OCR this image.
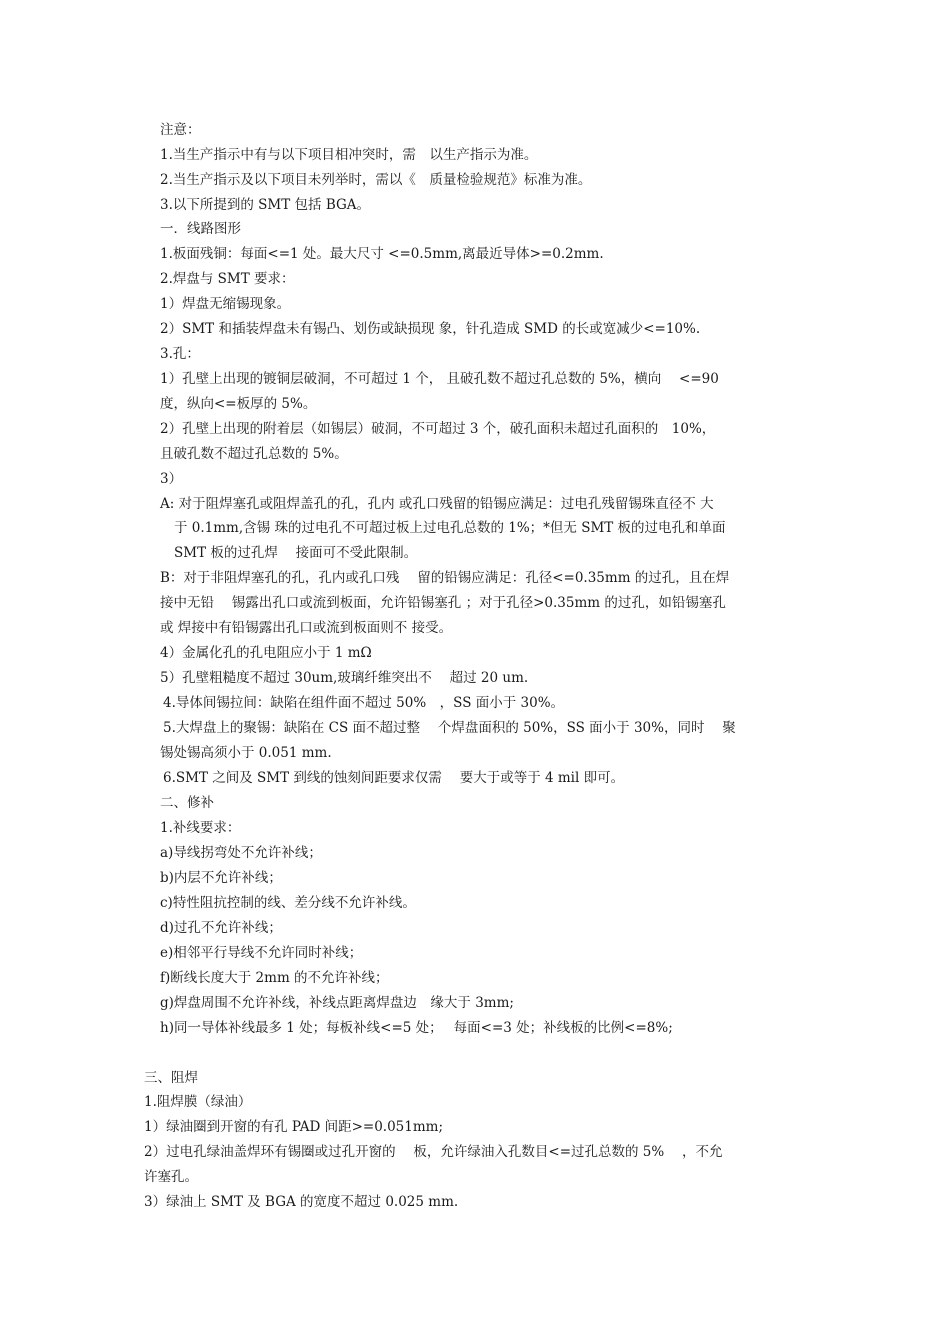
注意：
1.当生产指示中有与以下项目相冲突时，需　以生产指示为准。
2.当生产指示及以下项目未列举时，需以《　质量检验规范》标准为准。
3.以下所提到的 SMT 包括 BGA。
一．线路图形
1.板面残铜：每面<=1 处。最大尺寸 <=0.5mm,离最近导体>=0.2mm.
2.焊盘与 SMT 要求：
1）焊盘无缩锡现象。
2）SMT 和插装焊盘未有锡凸、划伤或缺损现 象，针孔造成 SMD 的长或宽减少<=10%.
3.孔：
1）孔壁上出现的镀铜层破洞，不可超过 1 个， 且破孔数不超过孔总数的 5%，横向　 <=90
度，纵向<=板厚的 5%。
2）孔壁上出现的附着层（如锡层）破洞，不可超过 3 个，破孔面积未超过孔面积的　10%，
且破孔数不超过孔总数的 5%。
3）
A: 对于阻焊塞孔或阻焊盖孔的孔，孔内 或孔口残留的铅锡应满足：过电孔残留锡珠直径不 大
于 0.1mm,含锡 珠的过电孔不可超过板上过电孔总数的 1%；*但无 SMT 板的过电孔和单面
SMT 板的过孔焊　 接面可不受此限制。
B：对于非阻焊塞孔的孔，孔内或孔口残　 留的铅锡应满足：孔径<=0.35mm 的过孔，且在焊
接中无铅　 锡露出孔口或流到板面，允许铅锡塞孔 ；对于孔径>0.35mm 的过孔，如铅锡塞孔
或 焊接中有铅锡露出孔口或流到板面则不 接受。
4）金属化孔的孔电阻应小于 1 mΩ
5）孔壁粗糙度不超过 30um,玻璃纤维突出不　 超过 20 um.
4.导体间锡拉间：缺陷在组件面不超过 50%　，SS 面小于 30%。
5.大焊盘上的聚锡：缺陷在 CS 面不超过整　 个焊盘面积的 50%，SS 面小于 30%，同时　 聚
锡处锡高须小于 0.051 mm.
6.SMT 之间及 SMT 到线的蚀刻间距要求仅需　 要大于或等于 4 mil 即可。
二、修补
1.补线要求：
a)导线拐弯处不允许补线；
b)内层不允许补线；
c)特性阻抗控制的线、差分线不允许补线。
d)过孔不允许补线；
e)相邻平行导线不允许同时补线；
f)断线长度大于 2mm 的不允许补线；
g)焊盘周围不允许补线，补线点距离焊盘边　缘大于 3mm;
h)同一导体补线最多 1 处；每板补线<=5 处；　 每面<=3 处；补线板的比例<=8%;
三、阻焊
1.阻焊膜（绿油）
1）绿油圈到开窗的有孔 PAD 间距>=0.051mm;
2）过电孔绿油盖焊环有锡圈或过孔开窗的　 板，允许绿油入孔数目<=过孔总数的 5%　 ，不允
许塞孔。
3）绿油上 SMT 及 BGA 的宽度不超过 0.025 mm.
